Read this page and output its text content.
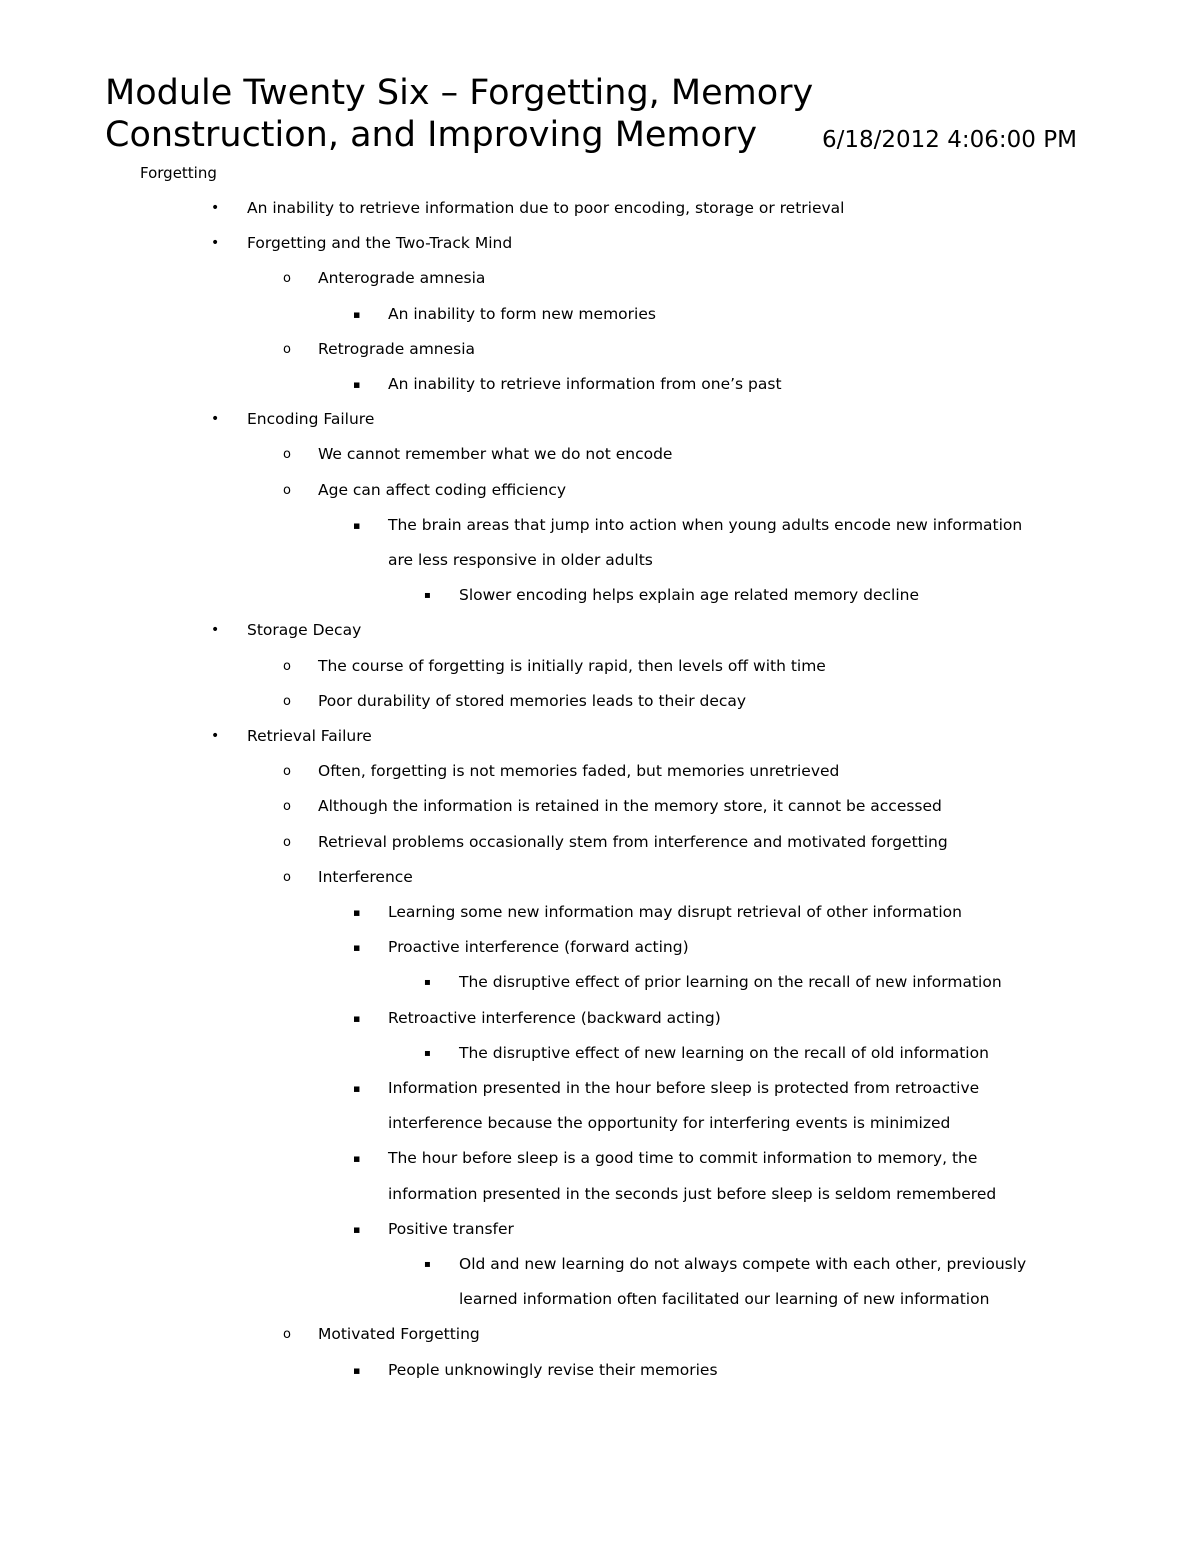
Module Twenty Six – Forgetting, Memory
Construction, and Improving Memory	6/18/2012 4:06:00 PM
Forgetting
•	An inability to retrieve information due to poor encoding, storage or retrieval
•	Forgetting and the Two-Track Mind
o	Anterograde amnesia
▪	An inability to form new memories
o	Retrograde amnesia
▪	An inability to retrieve information from one’s past
•	Encoding Failure
o	We cannot remember what we do not encode
o	Age can affect coding efficiency
▪	The brain areas that jump into action when young adults encode new information
are less responsive in older adults
▪	Slower encoding helps explain age related memory decline
•	Storage Decay
o	The course of forgetting is initially rapid, then levels off with time
o	Poor durability of stored memories leads to their decay
•	Retrieval Failure
o	Often, forgetting is not memories faded, but memories unretrieved
o	Although the information is retained in the memory store, it cannot be accessed
o	Retrieval problems occasionally stem from interference and motivated forgetting
o	Interference
▪	Learning some new information may disrupt retrieval of other information
▪	Proactive interference (forward acting)
▪	The disruptive effect of prior learning on the recall of new information
▪	Retroactive interference (backward acting)
▪	The disruptive effect of new learning on the recall of old information
▪	Information presented in the hour before sleep is protected from retroactive
interference because the opportunity for interfering events is minimized
▪	The hour before sleep is a good time to commit information to memory, the
information presented in the seconds just before sleep is seldom remembered
▪	Positive transfer
▪	Old and new learning do not always compete with each other, previously
learned information often facilitated our learning of new information
o	Motivated Forgetting
▪	People unknowingly revise their memories
